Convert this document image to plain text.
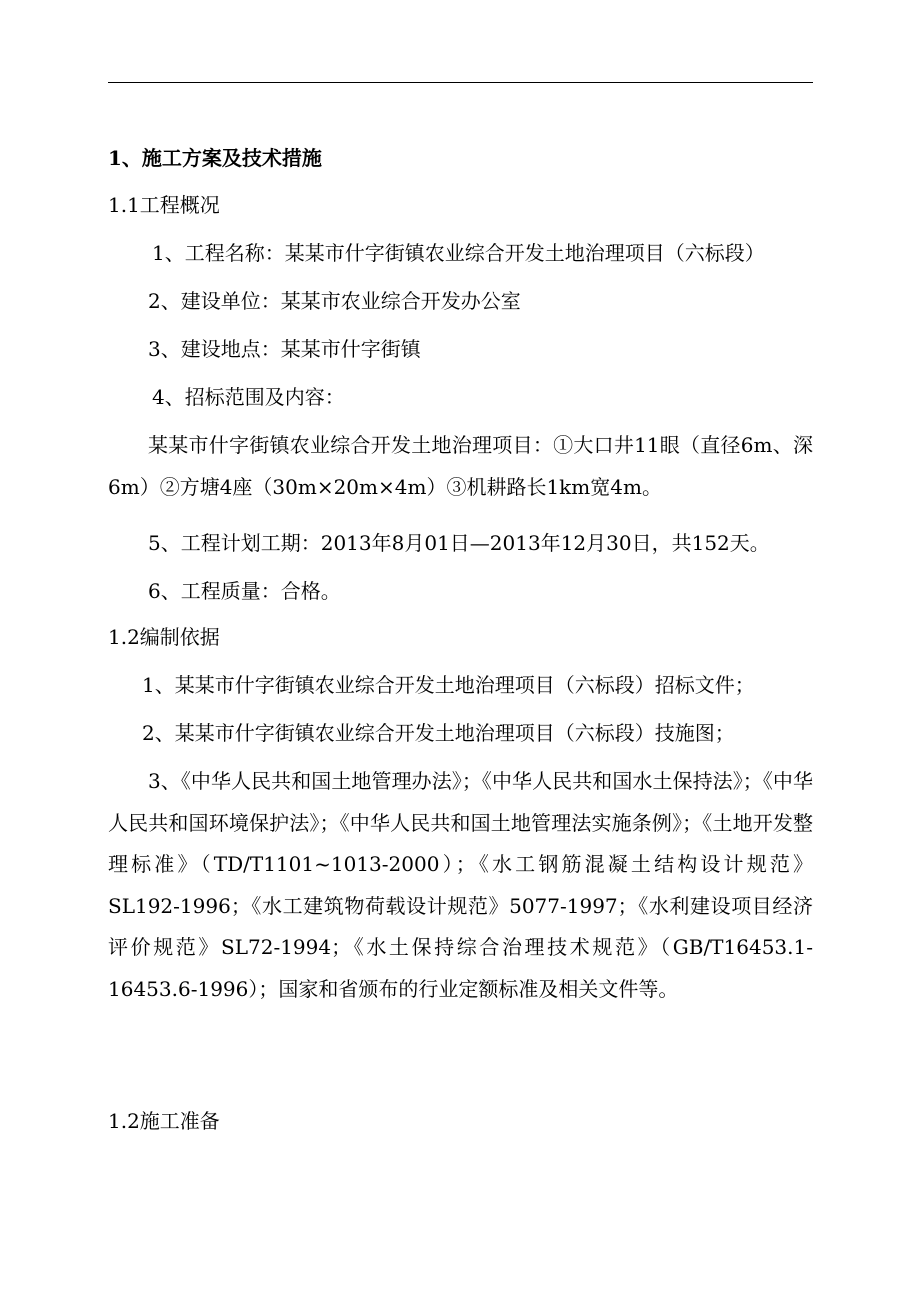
1、施工方案及技术措施
1.1工程概况
1、工程名称：某某市什字街镇农业综合开发土地治理项目（六标段）
2、建设单位：某某市农业综合开发办公室
3、建设地点：某某市什字街镇
4、招标范围及内容：
某某市什字街镇农业综合开发土地治理项目：①大口井11眼（直径6m、深6m）②方塘4座（30m×20m×4m）③机耕路长1km宽4m。
5、工程计划工期：2013年8月01日—2013年12月30日，共152天。
6、工程质量：合格。
1.2编制依据
1、某某市什字街镇农业综合开发土地治理项目（六标段）招标文件；
2、某某市什字街镇农业综合开发土地治理项目（六标段）技施图；
3、《中华人民共和国土地管理办法》；《中华人民共和国水土保持法》；《中华人民共和国环境保护法》；《中华人民共和国土地管理法实施条例》；《土地开发整理标准》（TD/T1101~1013-2000）；《水工钢筋混凝土结构设计规范》SL192-1996；《水工建筑物荷载设计规范》5077-1997；《水利建设项目经济评价规范》SL72-1994；《水土保持综合治理技术规范》（GB/T16453.1-16453.6-1996）；国家和省颁布的行业定额标准及相关文件等。
1.2施工准备
